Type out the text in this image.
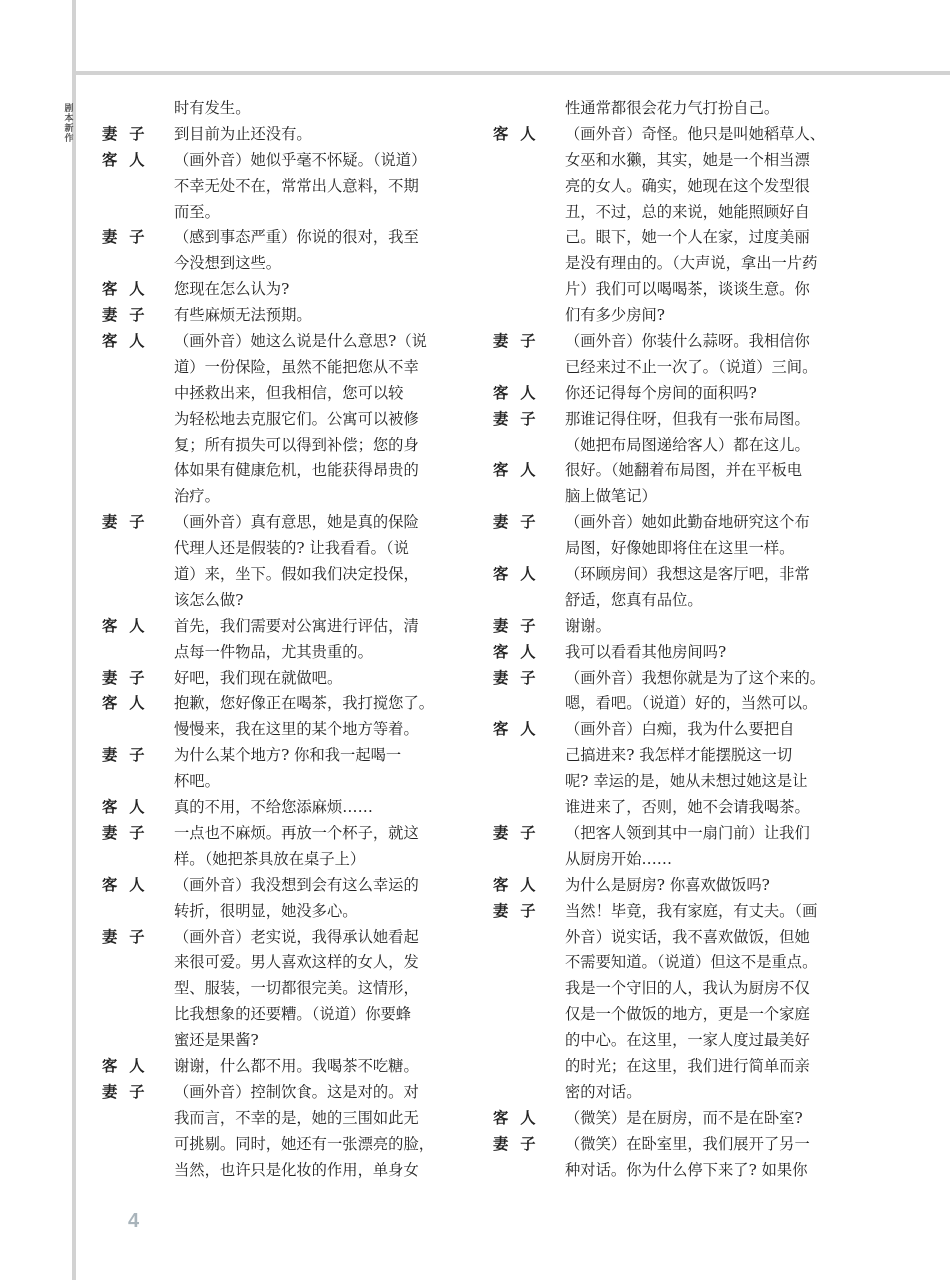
剧本新作
时有发生。
妻子 到目前为止还没有。
客人 （画外音）她似乎毫不怀疑。（说道）
不幸无处不在，常常出人意料，不期
而至。
妻子 （感到事态严重）你说的很对，我至
今没想到这些。
客人 您现在怎么认为?
妻子 有些麻烦无法预期。
客人 （画外音）她这么说是什么意思?（说
道）一份保险，虽然不能把您从不幸
中拯救出来，但我相信，您可以较
为轻松地去克服它们。公寓可以被修
复；所有损失可以得到补偿；您的身
体如果有健康危机，也能获得昂贵的
治疗。
妻子 （画外音）真有意思，她是真的保险
代理人还是假装的? 让我看看。（说
道）来，坐下。假如我们决定投保，
该怎么做?
客人 首先，我们需要对公寓进行评估，清
点每一件物品，尤其贵重的。
妻子 好吧，我们现在就做吧。
客人 抱歉，您好像正在喝茶，我打搅您了。
慢慢来，我在这里的某个地方等着。
妻子 为什么某个地方? 你和我一起喝一
杯吧。
客人 真的不用，不给您添麻烦……
妻子 一点也不麻烦。再放一个杯子，就这
样。（她把茶具放在桌子上）
客人 （画外音）我没想到会有这么幸运的
转折，很明显，她没多心。
妻子 （画外音）老实说，我得承认她看起
来很可爱。男人喜欢这样的女人，发
型、服装，一切都很完美。这情形，
比我想象的还要糟。（说道）你要蜂
蜜还是果酱?
客人 谢谢，什么都不用。我喝茶不吃糖。
妻子 （画外音）控制饮食。这是对的。对
我而言，不幸的是，她的三围如此无
可挑剔。同时，她还有一张漂亮的脸，
当然，也许只是化妆的作用，单身女
性通常都很会花力气打扮自己。
客人 （画外音）奇怪。他只是叫她稻草人、
女巫和水獭，其实，她是一个相当漂
亮的女人。确实，她现在这个发型很
丑，不过，总的来说，她能照顾好自
己。眼下，她一个人在家，过度美丽
是没有理由的。（大声说，拿出一片药
片）我们可以喝喝茶，谈谈生意。你
们有多少房间?
妻子 （画外音）你装什么蒜呀。我相信你
已经来过不止一次了。（说道）三间。
客人 你还记得每个房间的面积吗?
妻子 那谁记得住呀，但我有一张布局图。
（她把布局图递给客人）都在这儿。
客人 很好。（她翻着布局图，并在平板电
脑上做笔记）
妻子 （画外音）她如此勤奋地研究这个布
局图，好像她即将住在这里一样。
客人 （环顾房间）我想这是客厅吧，非常
舒适，您真有品位。
妻子 谢谢。
客人 我可以看看其他房间吗?
妻子 （画外音）我想你就是为了这个来的。
嗯，看吧。（说道）好的，当然可以。
客人 （画外音）白痴，我为什么要把自
己搞进来? 我怎样才能摆脱这一切
呢? 幸运的是，她从未想过她这是让
谁进来了，否则，她不会请我喝茶。
妻子 （把客人领到其中一扇门前）让我们
从厨房开始……
客人 为什么是厨房? 你喜欢做饭吗?
妻子 当然！毕竟，我有家庭，有丈夫。（画
外音）说实话，我不喜欢做饭，但她
不需要知道。（说道）但这不是重点。
我是一个守旧的人，我认为厨房不仅
仅是一个做饭的地方，更是一个家庭
的中心。在这里，一家人度过最美好
的时光；在这里，我们进行简单而亲
密的对话。
客人 （微笑）是在厨房，而不是在卧室?
妻子 （微笑）在卧室里，我们展开了另一
种对话。你为什么停下来了? 如果你
4
